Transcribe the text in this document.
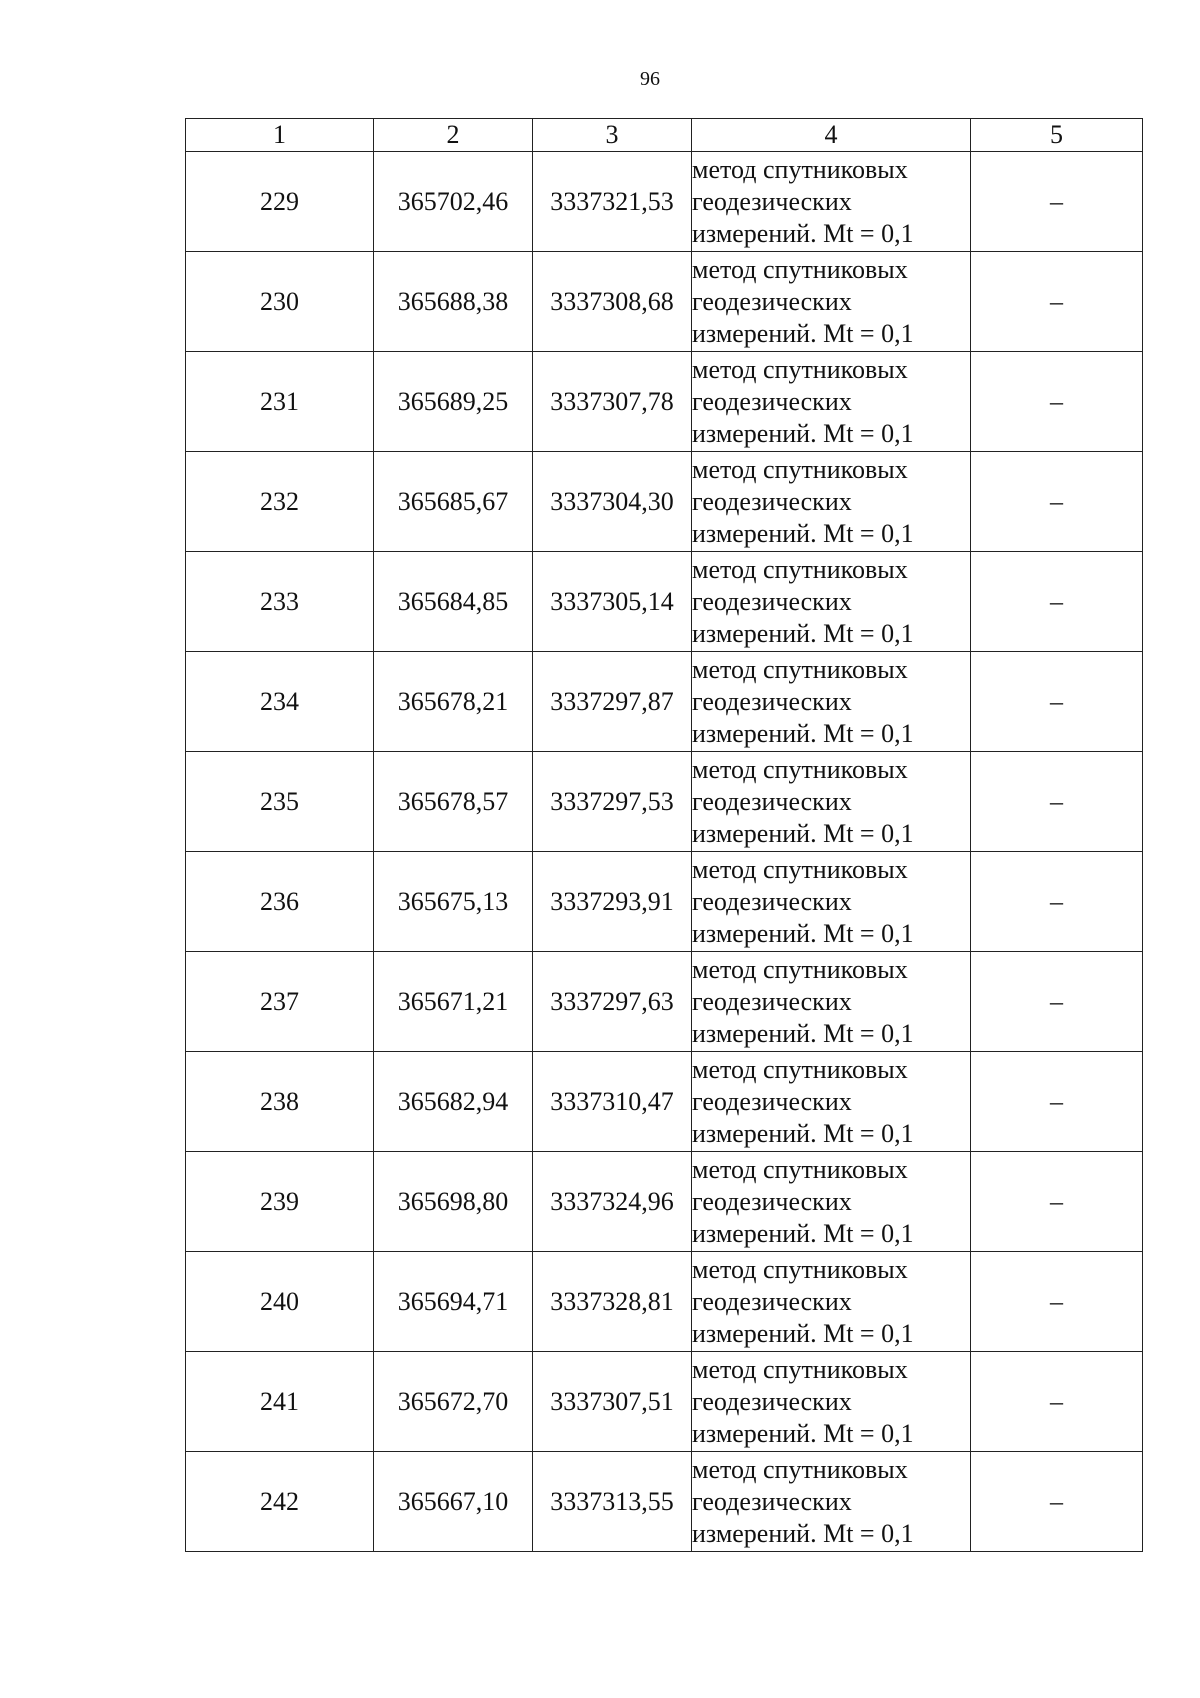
96
1	2	3	4	5
229	365702,46	3337321,53	метод спутниковых
геодезических
измерений. Mt = 0,1	–
230	365688,38	3337308,68	метод спутниковых
геодезических
измерений. Mt = 0,1	–
231	365689,25	3337307,78	метод спутниковых
геодезических
измерений. Mt = 0,1	–
232	365685,67	3337304,30	метод спутниковых
геодезических
измерений. Mt = 0,1	–
233	365684,85	3337305,14	метод спутниковых
геодезических
измерений. Mt = 0,1	–
234	365678,21	3337297,87	метод спутниковых
геодезических
измерений. Mt = 0,1	–
235	365678,57	3337297,53	метод спутниковых
геодезических
измерений. Mt = 0,1	–
236	365675,13	3337293,91	метод спутниковых
геодезических
измерений. Mt = 0,1	–
237	365671,21	3337297,63	метод спутниковых
геодезических
измерений. Mt = 0,1	–
238	365682,94	3337310,47	метод спутниковых
геодезических
измерений. Mt = 0,1	–
239	365698,80	3337324,96	метод спутниковых
геодезических
измерений. Mt = 0,1	–
240	365694,71	3337328,81	метод спутниковых
геодезических
измерений. Mt = 0,1	–
241	365672,70	3337307,51	метод спутниковых
геодезических
измерений. Mt = 0,1	–
242	365667,10	3337313,55	метод спутниковых
геодезических
измерений. Mt = 0,1	–
